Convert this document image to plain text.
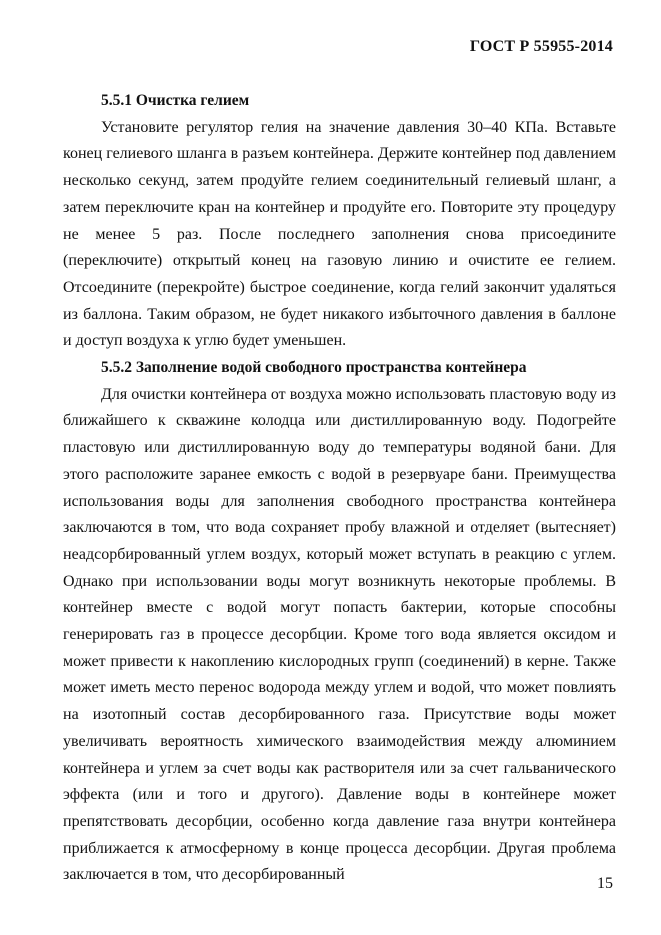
ГОСТ Р 55955-2014

5.5.1 Очистка гелием

Установите регулятор гелия на значение давления 30–40 КПа. Вставьте конец гелиевого шланга в разъем контейнера. Держите контейнер под давлением несколько секунд, затем продуйте гелием соединительный гелиевый шланг, а затем переключите кран на контейнер и продуйте его. Повторите эту процедуру не менее 5 раз. После последнего заполнения снова присоедините (переключите) открытый конец на газовую линию и очистите ее гелием. Отсоедините (перекройте) быстрое соединение, когда гелий закончит удаляться из баллона. Таким образом, не будет никакого избыточного давления в баллоне и доступ воздуха к углю будет уменьшен.

5.5.2 Заполнение водой свободного пространства контейнера

Для очистки контейнера от воздуха можно использовать пластовую воду из ближайшего к скважине колодца или дистиллированную воду. Подогрейте пластовую или дистиллированную воду до температуры водяной бани. Для этого расположите заранее емкость с водой в резервуаре бани. Преимущества использования воды для заполнения свободного пространства контейнера заключаются в том, что вода сохраняет пробу влажной и отделяет (вытесняет) неадсорбированный углем воздух, который может вступать в реакцию с углем. Однако при использовании воды могут возникнуть некоторые проблемы. В контейнер вместе с водой могут попасть бактерии, которые способны генерировать газ в процессе десорбции. Кроме того вода является оксидом и может привести к накоплению кислородных групп (соединений) в керне. Также может иметь место перенос водорода между углем и водой, что может повлиять на изотопный состав десорбированного газа. Присутствие воды может увеличивать вероятность химического взаимодействия между алюминием контейнера и углем за счет воды как растворителя или за счет гальванического эффекта (или и того и другого). Давление воды в контейнере может препятствовать десорбции, особенно когда давление газа внутри контейнера приближается к атмосферному в конце процесса десорбции. Другая проблема заключается в том, что десорбированный

15
